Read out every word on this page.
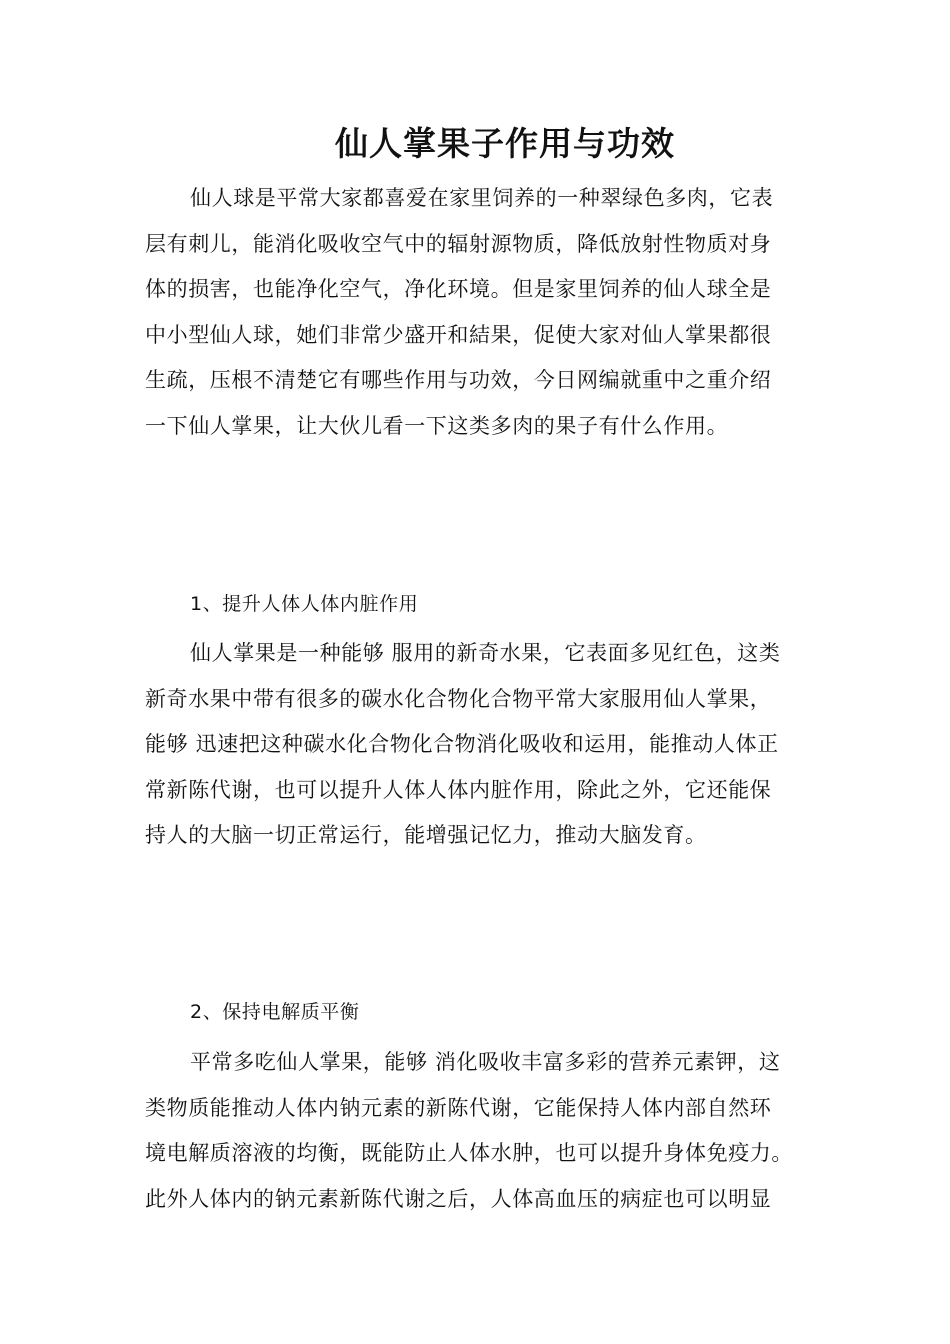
仙人掌果子作用与功效
仙人球是平常大家都喜爱在家里饲养的一种翠绿色多肉，它表
层有刺儿，能消化吸收空气中的辐射源物质，降低放射性物质对身
体的损害，也能净化空气，净化环境。但是家里饲养的仙人球全是
中小型仙人球，她们非常少盛开和結果，促使大家对仙人掌果都很
生疏，压根不清楚它有哪些作用与功效，今日网编就重中之重介绍
一下仙人掌果，让大伙儿看一下这类多肉的果子有什么作用。
1、提升人体人体内脏作用
仙人掌果是一种能够 服用的新奇水果，它表面多见红色，这类
新奇水果中带有很多的碳水化合物化合物平常大家服用仙人掌果，
能够 迅速把这种碳水化合物化合物消化吸收和运用，能推动人体正
常新陈代谢，也可以提升人体人体内脏作用，除此之外，它还能保
持人的大脑一切正常运行，能增强记忆力，推动大脑发育。
2、保持电解质平衡
平常多吃仙人掌果，能够 消化吸收丰富多彩的营养元素钾，这
类物质能推动人体内钠元素的新陈代谢，它能保持人体内部自然环
境电解质溶液的均衡，既能防止人体水肿，也可以提升身体免疫力。
此外人体内的钠元素新陈代谢之后，人体高血压的病症也可以明显
